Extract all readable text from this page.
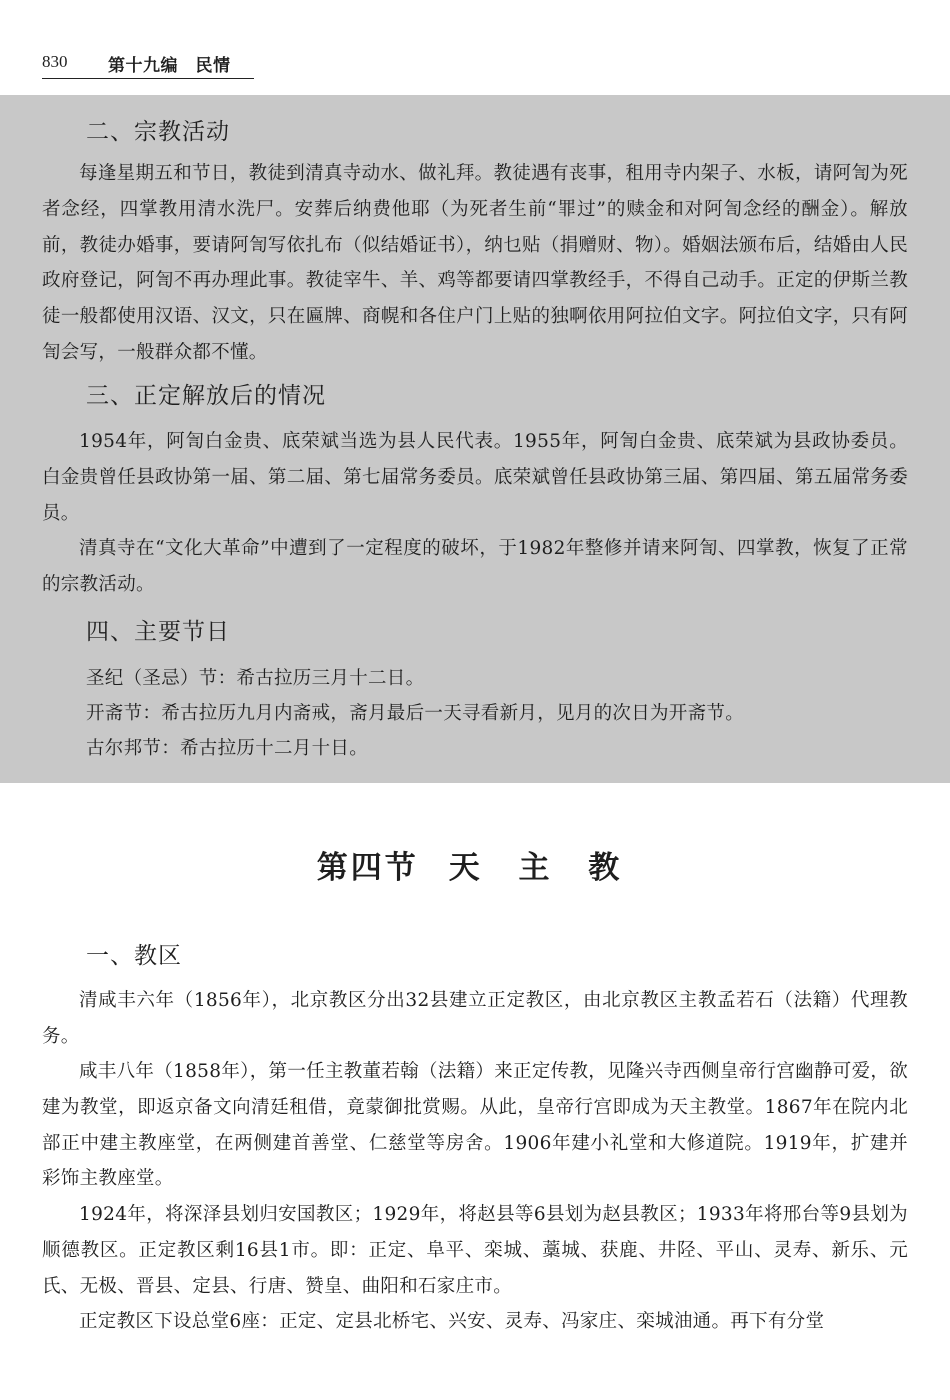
830 第十九编　民情
二、宗教活动

每逢星期五和节日，教徒到清真寺动水、做礼拜。教徒遇有丧事，租用寺内架子、水板，请阿訇为死者念经，四掌教用清水洗尸。安葬后纳费他耶（为死者生前“罪过”的赎金和对阿訇念经的酬金）。解放前，教徒办婚事，要请阿訇写依扎布（似结婚证书），纳乜贴（捐赠财、物）。婚姻法颁布后，结婚由人民政府登记，阿訇不再办理此事。教徒宰牛、羊、鸡等都要请四掌教经手，不得自己动手。正定的伊斯兰教徒一般都使用汉语、汉文，只在匾牌、商幌和各住户门上贴的独啊依用阿拉伯文字。阿拉伯文字，只有阿訇会写，一般群众都不懂。

三、正定解放后的情况

1954年，阿訇白金贵、底荣斌当选为县人民代表。1955年，阿訇白金贵、底荣斌为县政协委员。白金贵曾任县政协第一届、第二届、第七届常务委员。底荣斌曾任县政协第三届、第四届、第五届常务委员。

清真寺在“文化大革命”中遭到了一定程度的破坏，于1982年整修并请来阿訇、四掌教，恢复了正常的宗教活动。

四、主要节日
圣纪（圣忌）节：希古拉历三月十二日。
开斋节：希古拉历九月内斋戒，斋月最后一天寻看新月，见月的次日为开斋节。
古尔邦节：希古拉历十二月十日。
第四节 天 主 教
一、教区

清咸丰六年（1856年），北京教区分出32县建立正定教区，由北京教区主教孟若石（法籍）代理教务。

咸丰八年（1858年），第一任主教董若翰（法籍）来正定传教，见隆兴寺西侧皇帝行宫幽静可爱，欲建为教堂，即返京备文向清廷租借，竟蒙御批赏赐。从此，皇帝行宫即成为天主教堂。1867年在院内北部正中建主教座堂，在两侧建首善堂、仁慈堂等房舍。1906年建小礼堂和大修道院。1919年，扩建并彩饰主教座堂。

1924年，将深泽县划归安国教区；1929年，将赵县等6县划为赵县教区；1933年将邢台等9县划为顺德教区。正定教区剩16县1市。即：正定、阜平、栾城、藁城、获鹿、井陉、平山、灵寿、新乐、元氏、无极、晋县、定县、行唐、赞皇、曲阳和石家庄市。

正定教区下设总堂6座：正定、定县北桥宅、兴安、灵寿、冯家庄、栾城油通。再下有分堂
